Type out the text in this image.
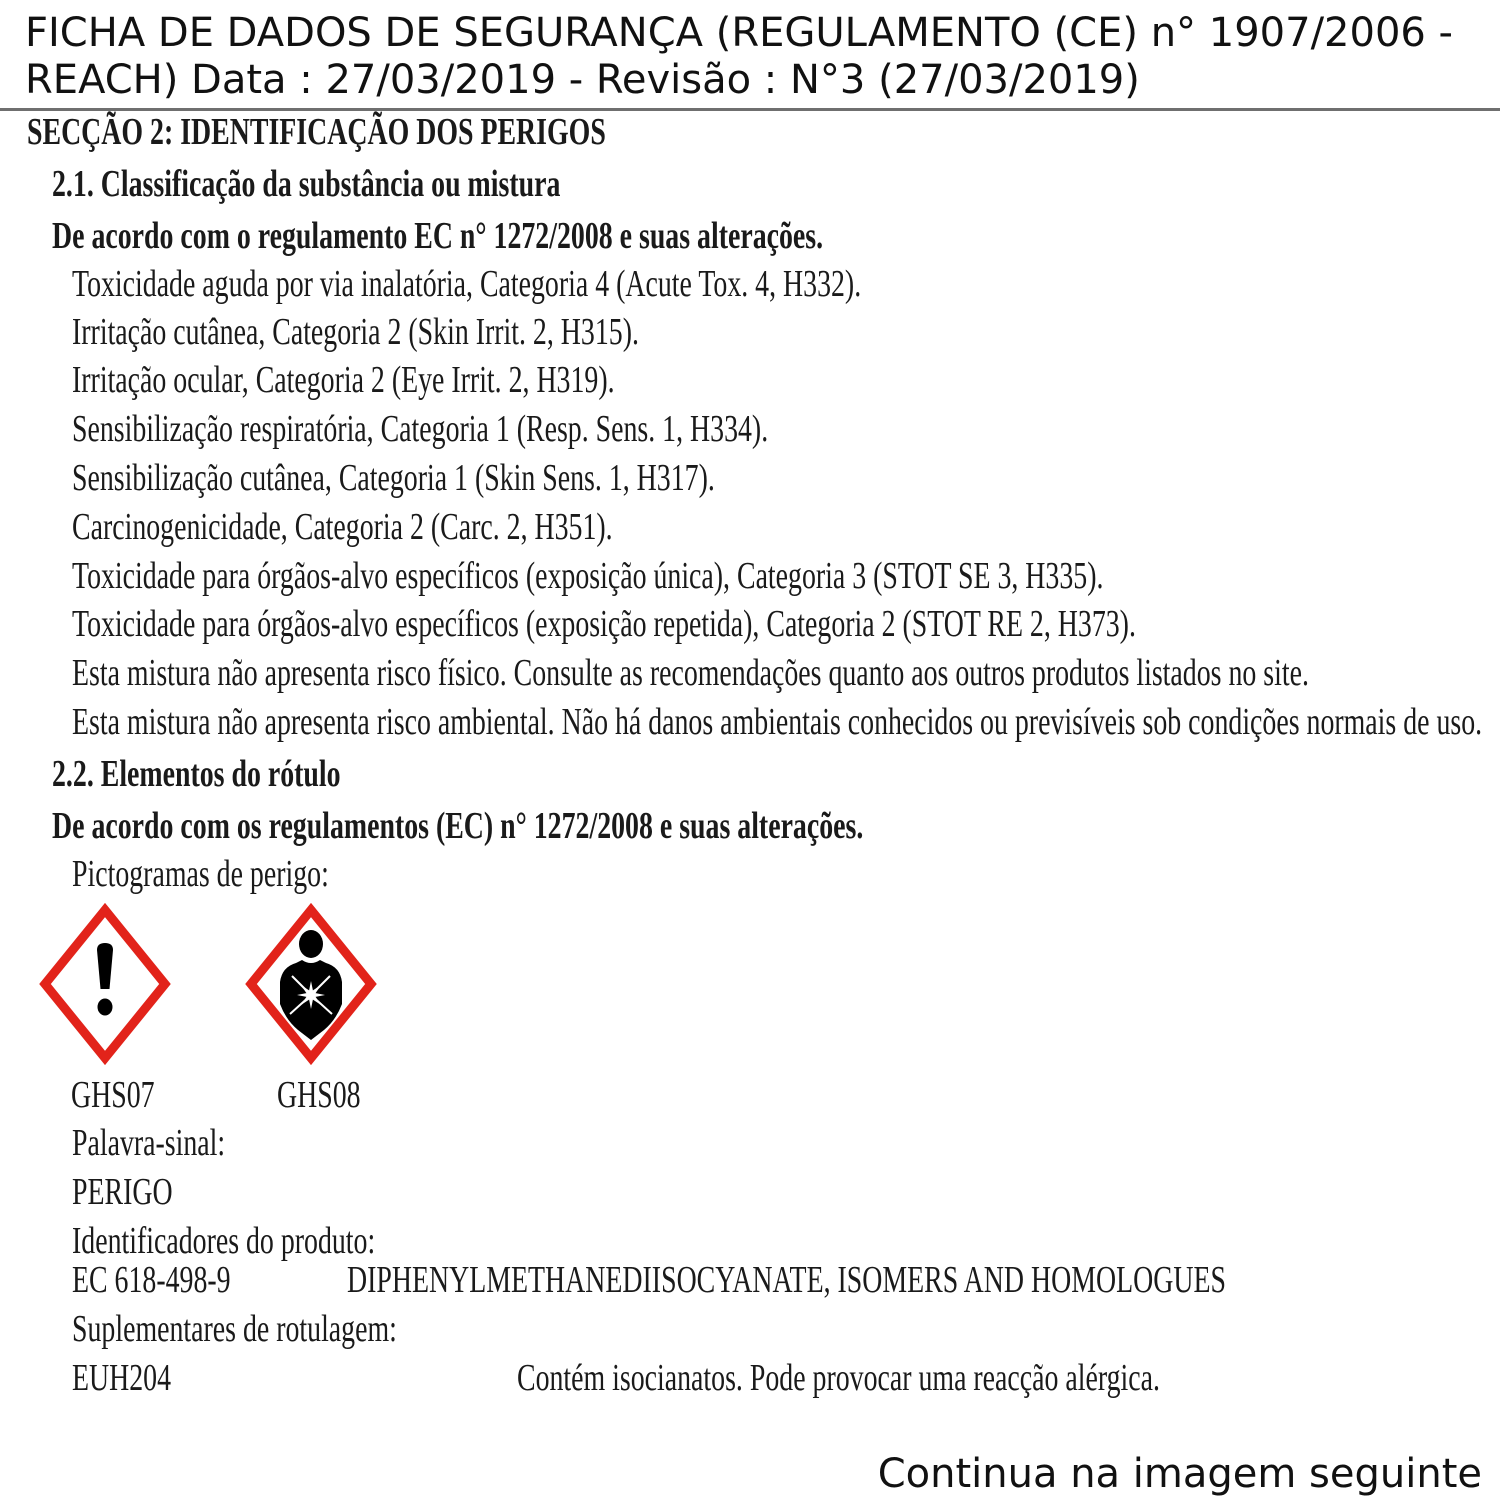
FICHA DE DADOS DE SEGURANÇA (REGULAMENTO (CE) n° 1907/2006 -
REACH) Data : 27/03/2019 - Revisão : N°3 (27/03/2019)
SECÇÃO 2: IDENTIFICAÇÃO DOS PERIGOS
2.1. Classificação da substância ou mistura
De acordo com o regulamento EC n° 1272/2008 e suas alterações.
Toxicidade aguda por via inalatória, Categoria 4 (Acute Tox. 4, H332).
Irritação cutânea, Categoria 2 (Skin Irrit. 2, H315).
Irritação ocular, Categoria 2 (Eye Irrit. 2, H319).
Sensibilização respiratória, Categoria 1 (Resp. Sens. 1, H334).
Sensibilização cutânea, Categoria 1 (Skin Sens. 1, H317).
Carcinogenicidade, Categoria 2 (Carc. 2, H351).
Toxicidade para órgãos-alvo específicos (exposição única), Categoria 3 (STOT SE 3, H335).
Toxicidade para órgãos-alvo específicos (exposição repetida), Categoria 2 (STOT RE 2, H373).
Esta mistura não apresenta risco físico. Consulte as recomendações quanto aos outros produtos listados no site.
Esta mistura não apresenta risco ambiental. Não há danos ambientais conhecidos ou previsíveis sob condições normais de uso.
2.2. Elementos do rótulo
De acordo com os regulamentos (EC) n° 1272/2008 e suas alterações.
Pictogramas de perigo:
GHS07	GHS08
Palavra-sinal:
PERIGO
Identificadores do produto:
EC 618-498-9	DIPHENYLMETHANEDIISOCYANATE, ISOMERS AND HOMOLOGUES
Suplementares de rotulagem:
EUH204	Contém isocianatos. Pode provocar uma reacção alérgica.
Continua na imagem seguinte
